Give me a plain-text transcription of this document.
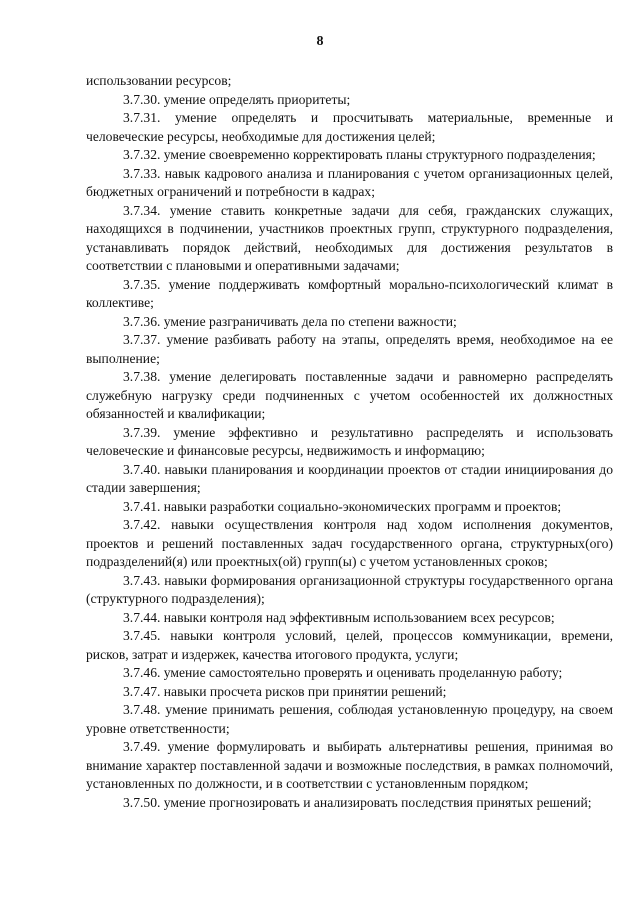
8

использовании ресурсов;

3.7.30. умение определять приоритеты;

3.7.31. умение определять и просчитывать материальные, временные и человеческие ресурсы, необходимые для достижения целей;

3.7.32. умение своевременно корректировать планы структурного подразделения;

3.7.33. навык кадрового анализа и планирования с учетом организационных целей, бюджетных ограничений и потребности в кадрах;

3.7.34. умение ставить конкретные задачи для себя, гражданских служащих, находящихся в подчинении, участников проектных групп, структурного подразделения, устанавливать порядок действий, необходимых для достижения результатов в соответствии с плановыми и оперативными задачами;

3.7.35. умение поддерживать комфортный морально-психологический климат в коллективе;

3.7.36. умение разграничивать дела по степени важности;

3.7.37. умение разбивать работу на этапы, определять время, необходимое на ее выполнение;

3.7.38. умение делегировать поставленные задачи и равномерно распределять служебную нагрузку среди подчиненных с учетом особенностей их должностных обязанностей и квалификации;

3.7.39. умение эффективно и результативно распределять и использовать человеческие и финансовые ресурсы, недвижимость и информацию;

3.7.40. навыки планирования и координации проектов от стадии инициирования до стадии завершения;

3.7.41. навыки разработки социально-экономических программ и проектов;

3.7.42. навыки осуществления контроля над ходом исполнения документов, проектов и решений поставленных задач государственного органа, структурных(ого) подразделений(я) или проектных(ой) групп(ы) с учетом установленных сроков;

3.7.43. навыки формирования организационной структуры государственного органа (структурного подразделения);

3.7.44. навыки контроля над эффективным использованием всех ресурсов;

3.7.45. навыки контроля условий, целей, процессов коммуникации, времени, рисков, затрат и издержек, качества итогового продукта, услуги;

3.7.46. умение самостоятельно проверять и оценивать проделанную работу;

3.7.47. навыки просчета рисков при принятии решений;

3.7.48. умение принимать решения, соблюдая установленную процедуру, на своем уровне ответственности;

3.7.49. умение формулировать и выбирать альтернативы решения, принимая во внимание характер поставленной задачи и возможные последствия, в рамках полномочий, установленных по должности, и в соответствии с установленным порядком;

3.7.50. умение прогнозировать и анализировать последствия принятых решений;
